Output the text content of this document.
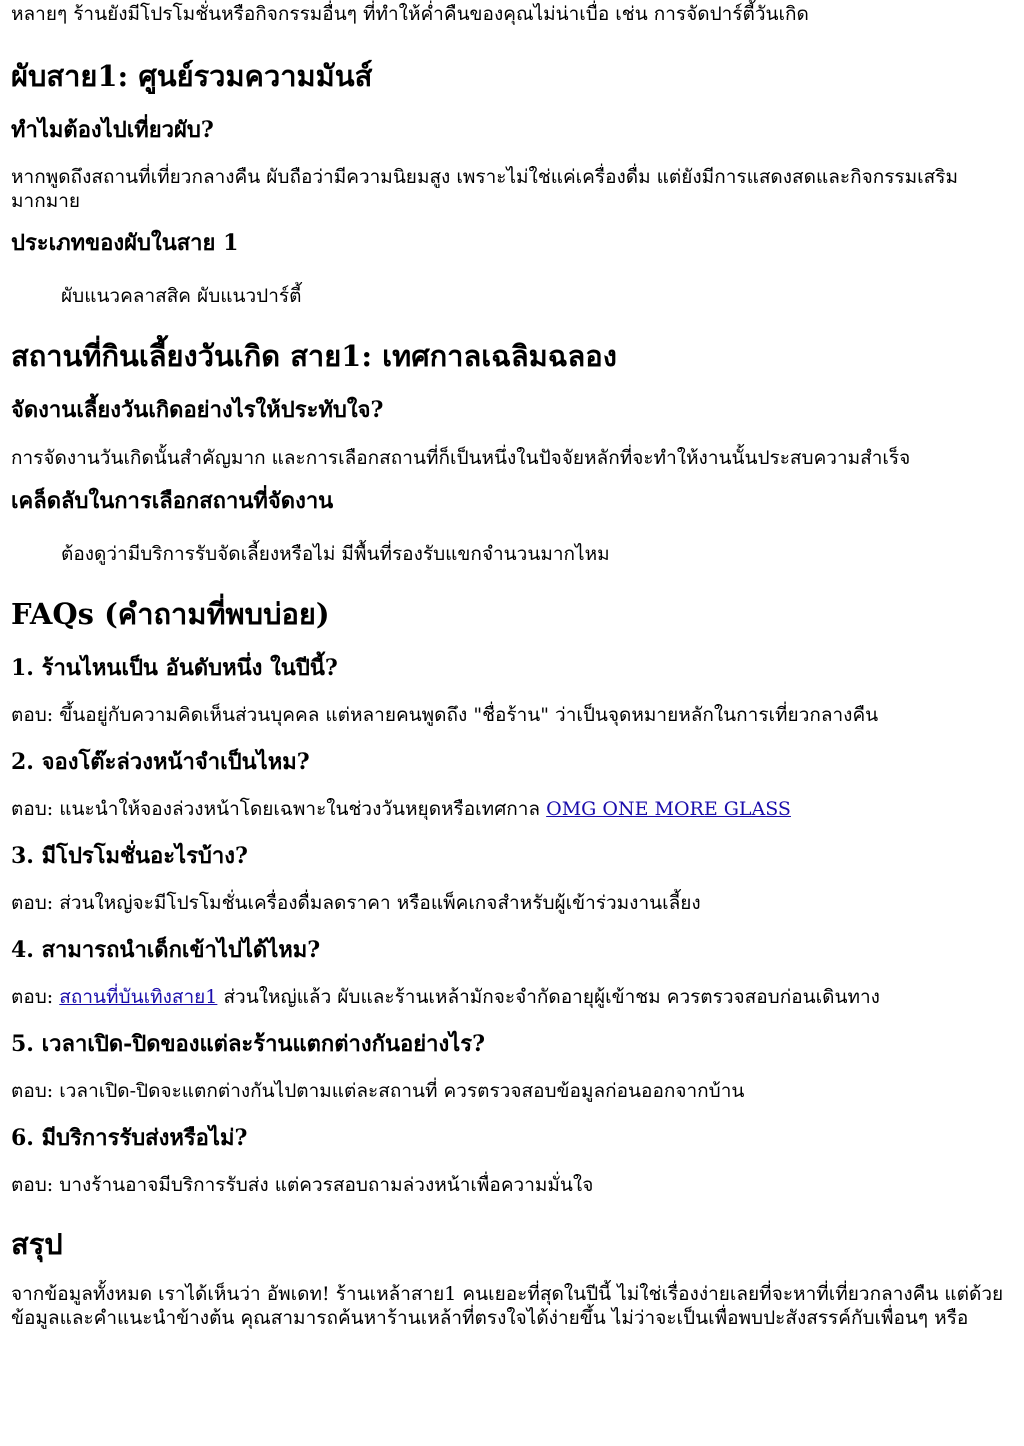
หลายๆ ร้านยังมีโปรโมชั่นหรือกิจกรรมอื่นๆ ที่ทำให้ค่ำคืนของคุณไม่น่าเบื่อ เช่น การจัดปาร์ตี้วันเกิด

ผับสาย1: ศูนย์รวมความมันส์
ทำไมต้องไปเที่ยวผับ?

หากพูดถึงสถานที่เที่ยวกลางคืน ผับถือว่ามีความนิยมสูง เพราะไม่ใช่แค่เครื่องดื่ม แต่ยังมีการแสดงสดและกิจกรรมเสริมมากมาย

ประเภทของผับในสาย 1

ผับแนวคลาสสิค ผับแนวปาร์ตี้

สถานที่กินเลี้ยงวันเกิด สาย1: เทศกาลเฉลิมฉลอง
จัดงานเลี้ยงวันเกิดอย่างไรให้ประทับใจ?

การจัดงานวันเกิดนั้นสำคัญมาก และการเลือกสถานที่ก็เป็นหนึ่งในปัจจัยหลักที่จะทำให้งานนั้นประสบความสำเร็จ

เคล็ดลับในการเลือกสถานที่จัดงาน

ต้องดูว่ามีบริการรับจัดเลี้ยงหรือไม่ มีพื้นที่รองรับแขกจำนวนมากไหม

FAQs (คำถามที่พบบ่อย)
1. ร้านไหนเป็น อันดับหนึ่ง ในปีนี้?

ตอบ: ขึ้นอยู่กับความคิดเห็นส่วนบุคคล แต่หลายคนพูดถึง "ชื่อร้าน" ว่าเป็นจุดหมายหลักในการเที่ยวกลางคืน

2. จองโต๊ะล่วงหน้าจำเป็นไหม?

ตอบ: แนะนำให้จองล่วงหน้าโดยเฉพาะในช่วงวันหยุดหรือเทศกาล OMG ONE MORE GLASS

3. มีโปรโมชั่นอะไรบ้าง?

ตอบ: ส่วนใหญ่จะมีโปรโมชั่นเครื่องดื่มลดราคา หรือแพ็คเกจสำหรับผู้เข้าร่วมงานเลี้ยง

4. สามารถนำเด็กเข้าไปได้ไหม?

ตอบ: สถานที่บันเทิงสาย1 ส่วนใหญ่แล้ว ผับและร้านเหล้ามักจะจำกัดอายุผู้เข้าชม ควรตรวจสอบก่อนเดินทาง

5. เวลาเปิด-ปิดของแต่ละร้านแตกต่างกันอย่างไร?

ตอบ: เวลาเปิด-ปิดจะแตกต่างกันไปตามแต่ละสถานที่ ควรตรวจสอบข้อมูลก่อนออกจากบ้าน

6. มีบริการรับส่งหรือไม่?

ตอบ: บางร้านอาจมีบริการรับส่ง แต่ควรสอบถามล่วงหน้าเพื่อความมั่นใจ

สรุป

จากข้อมูลทั้งหมด เราได้เห็นว่า อัพเดท! ร้านเหล้าสาย1 คนเยอะที่สุดในปีนี้ ไม่ใช่เรื่องง่ายเลยที่จะหาที่เที่ยวกลางคืน แต่ด้วยข้อมูลและคำแนะนำข้างต้น คุณสามารถค้นหาร้านเหล้าที่ตรงใจได้ง่ายขึ้น ไม่ว่าจะเป็นเพื่อพบปะสังสรรค์กับเพื่อนๆ หรือ
